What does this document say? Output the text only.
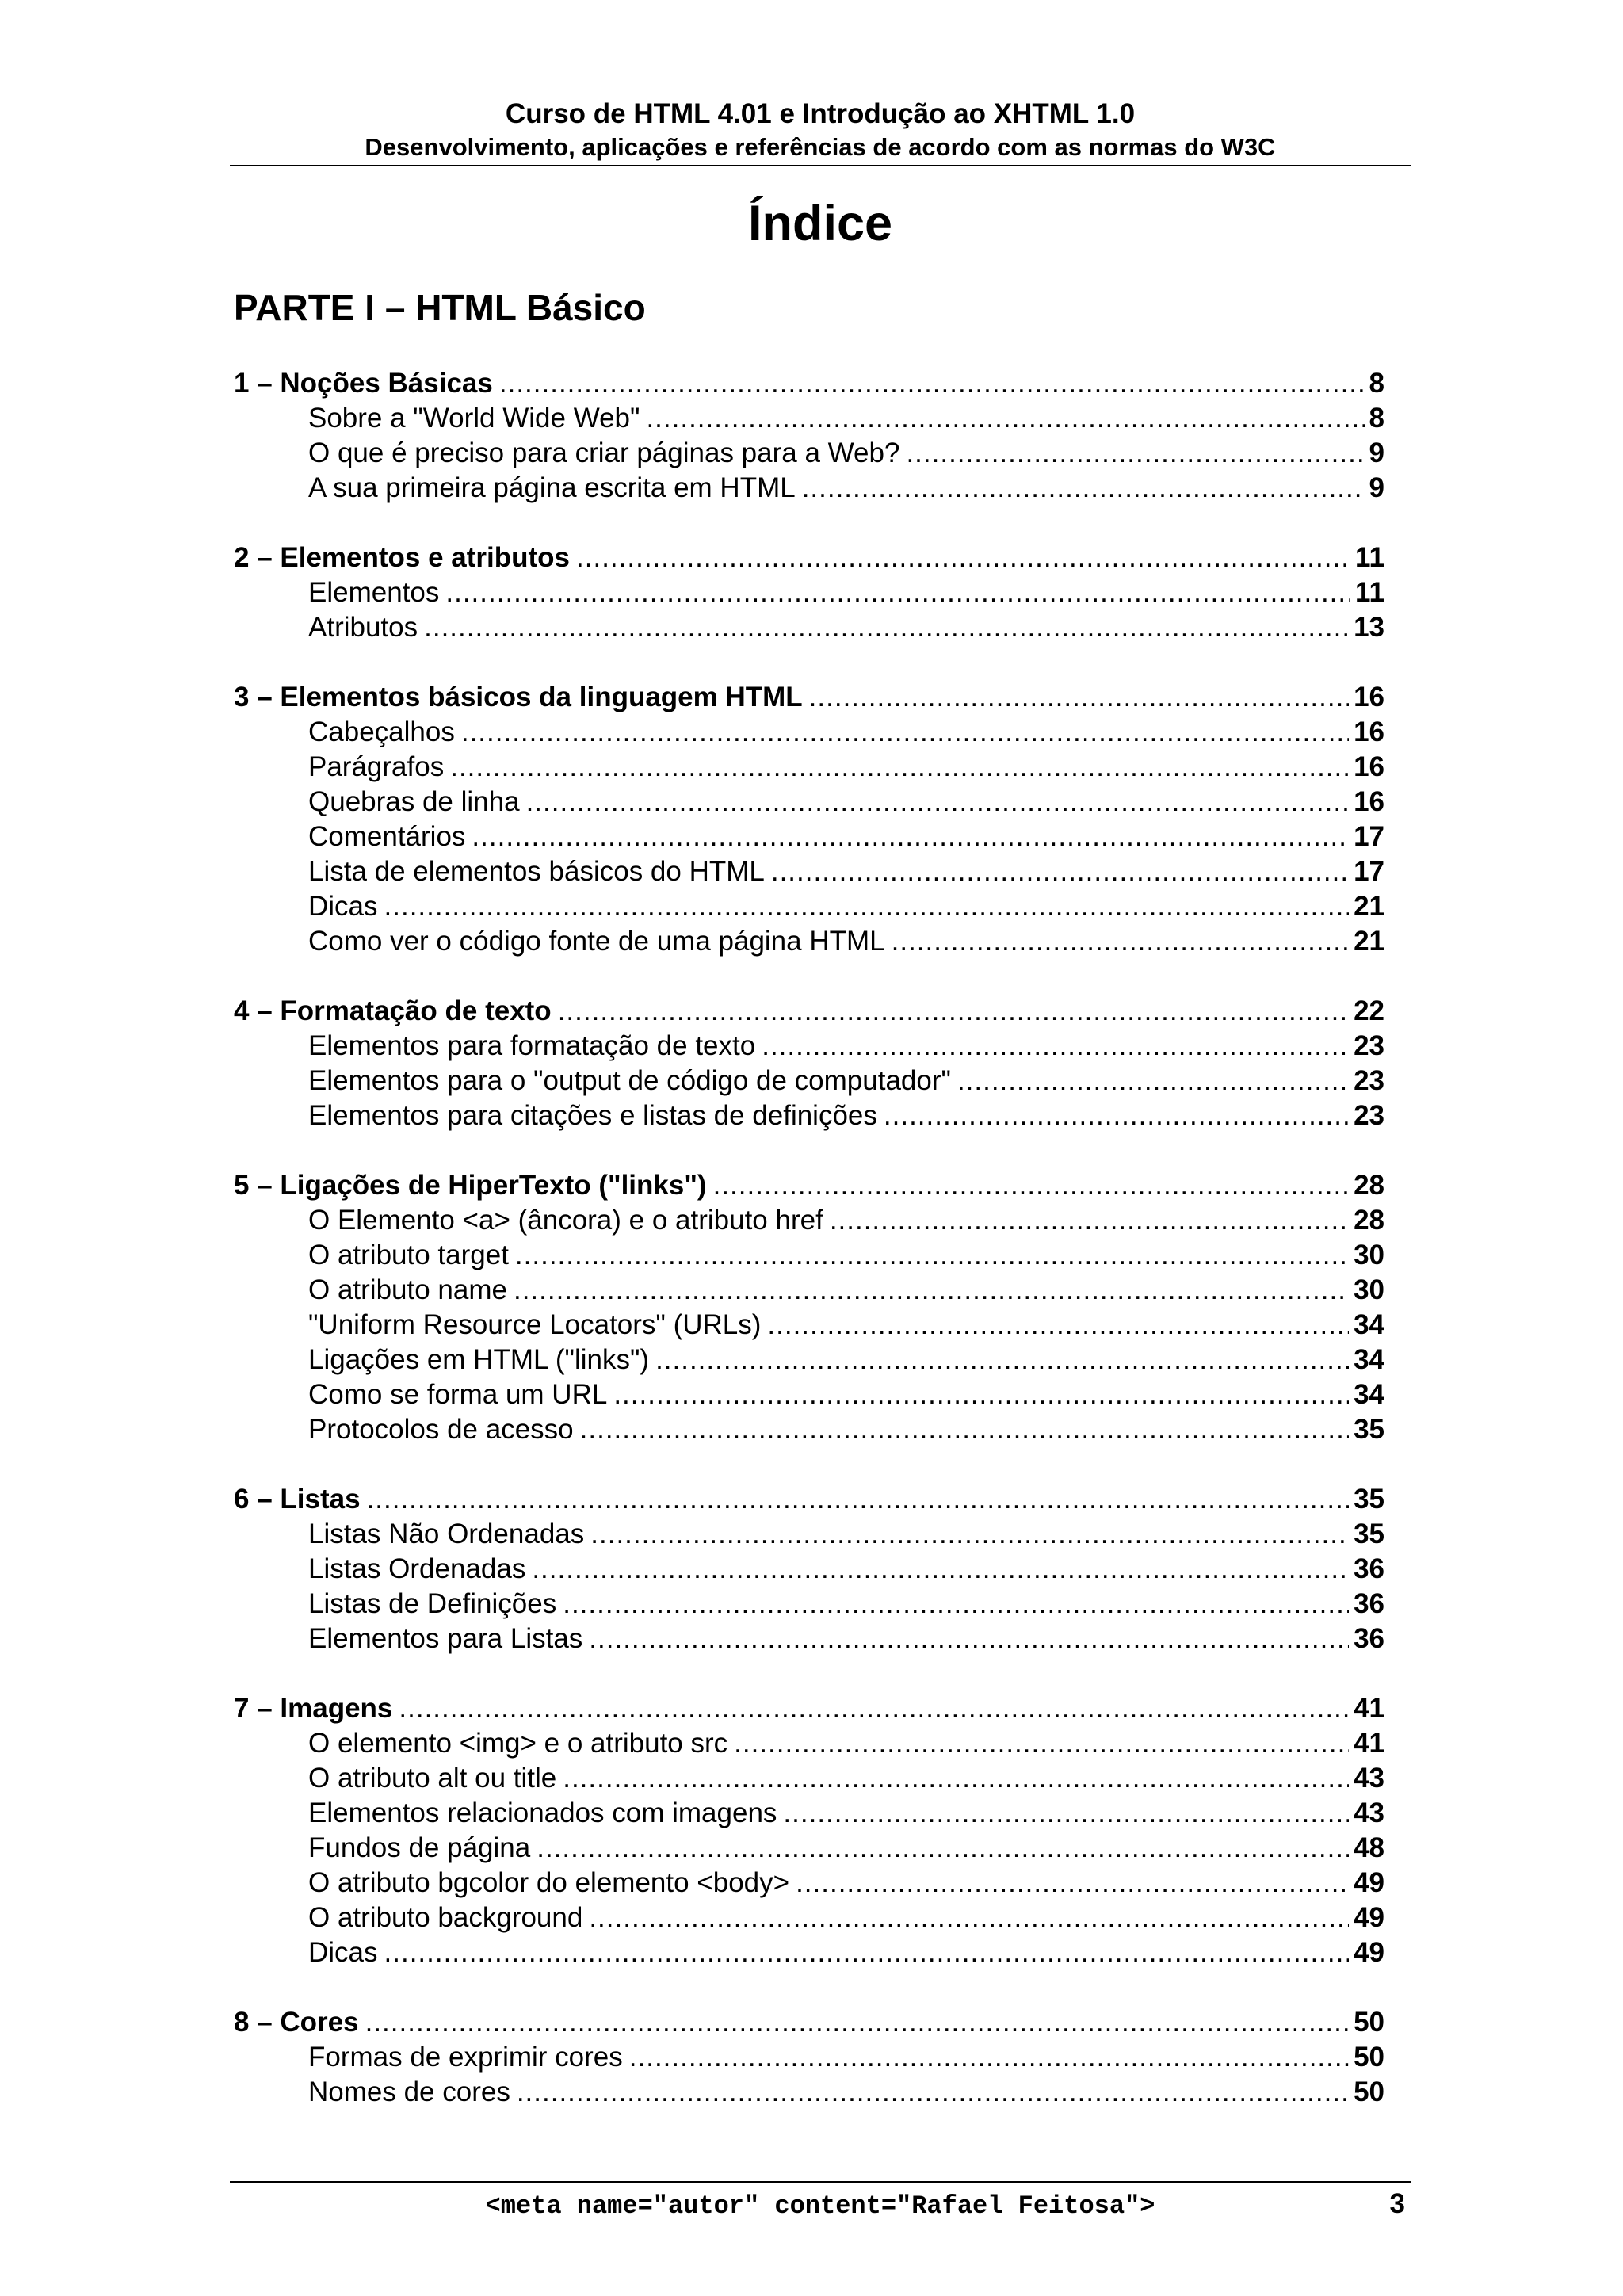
Curso de HTML 4.01 e Introdução ao XHTML 1.0
Desenvolvimento, aplicações e referências de acordo com as normas do W3C
Índice
PARTE I – HTML Básico
1 – Noções Básicas .....	8
Sobre a "World Wide Web" .....	8
O que é preciso para criar páginas para a Web? .....	9
A sua primeira página escrita em HTML .....	9
2 – Elementos e atributos .....	11
Elementos .....	11
Atributos .....	13
3 – Elementos básicos da linguagem HTML .....	16
Cabeçalhos .....	16
Parágrafos .....	16
Quebras de linha .....	16
Comentários .....	17
Lista de elementos básicos do HTML .....	17
Dicas .....	21
Como ver o código fonte de uma página HTML .....	21
4 – Formatação de texto .....	22
Elementos para formatação de texto .....	23
Elementos para o "output de código de computador" .....	23
Elementos para citações e listas de definições .....	23
5 – Ligações de HiperTexto ("links") .....	28
O Elemento <a> (âncora) e o atributo href .....	28
O atributo target .....	30
O atributo name .....	30
"Uniform Resource Locators" (URLs) .....	34
Ligações em HTML ("links") .....	34
Como se forma um URL .....	34
Protocolos de acesso .....	35
6 – Listas .....	35
Listas Não Ordenadas .....	35
Listas Ordenadas .....	36
Listas de Definições .....	36
Elementos para Listas .....	36
7 – Imagens .....	41
O elemento <img> e o atributo src .....	41
O atributo alt ou title .....	43
Elementos relacionados com imagens .....	43
Fundos de página .....	48
O atributo bgcolor do elemento <body> .....	49
O atributo background .....	49
Dicas .....	49
8 – Cores .....	50
Formas de exprimir cores .....	50
Nomes de cores .....	50
<meta name="autor" content="Rafael Feitosa">	3
